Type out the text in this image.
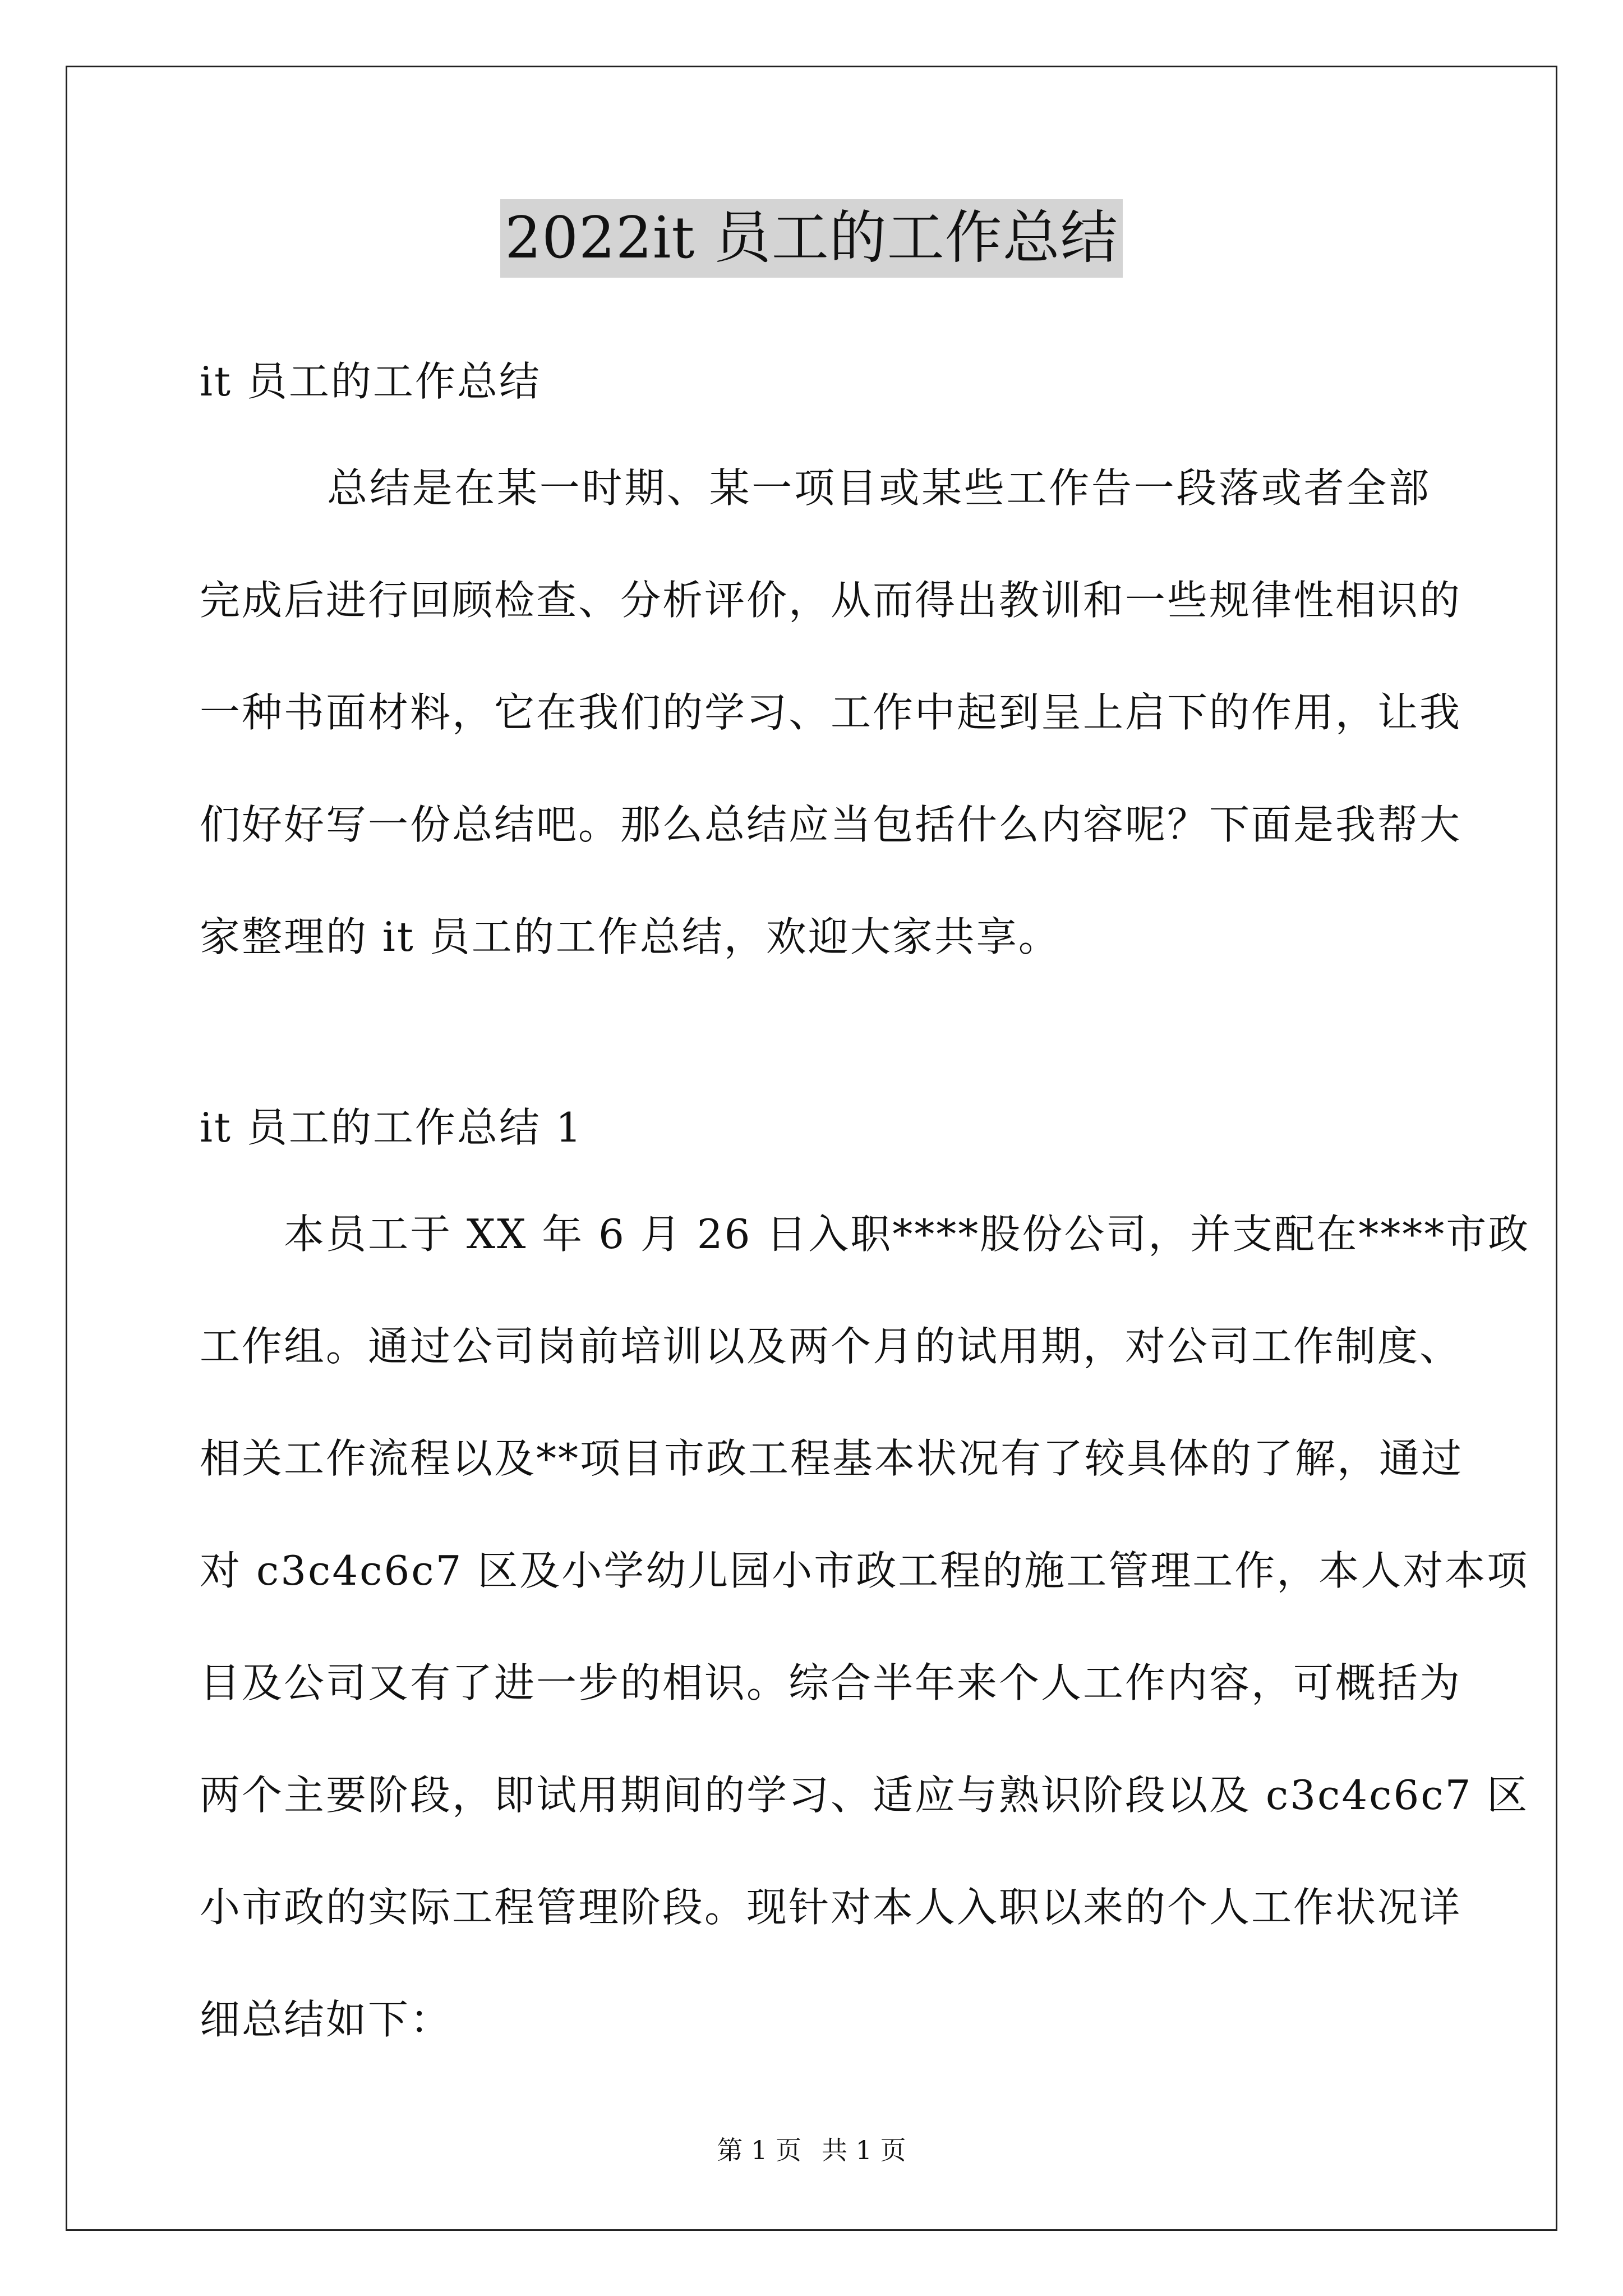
2022it 员工的工作总结
it 员工的工作总结
　　　总结是在某一时期、某一项目或某些工作告一段落或者全部
完成后进行回顾检查、分析评价，从而得出教训和一些规律性相识的
一种书面材料，它在我们的学习、工作中起到呈上启下的作用，让我
们好好写一份总结吧。那么总结应当包括什么内容呢？下面是我帮大
家整理的 it 员工的工作总结，欢迎大家共享。
it 员工的工作总结 1
　　本员工于 XX 年 6 月 26 日入职****股份公司，并支配在****市政
工作组。通过公司岗前培训以及两个月的试用期，对公司工作制度、
相关工作流程以及**项目市政工程基本状况有了较具体的了解，通过
对 c3c4c6c7 区及小学幼儿园小市政工程的施工管理工作，本人对本项
目及公司又有了进一步的相识。综合半年来个人工作内容，可概括为
两个主要阶段，即试用期间的学习、适应与熟识阶段以及 c3c4c6c7 区
小市政的实际工程管理阶段。现针对本人入职以来的个人工作状况详
细总结如下：
第 1 页 共 1 页
